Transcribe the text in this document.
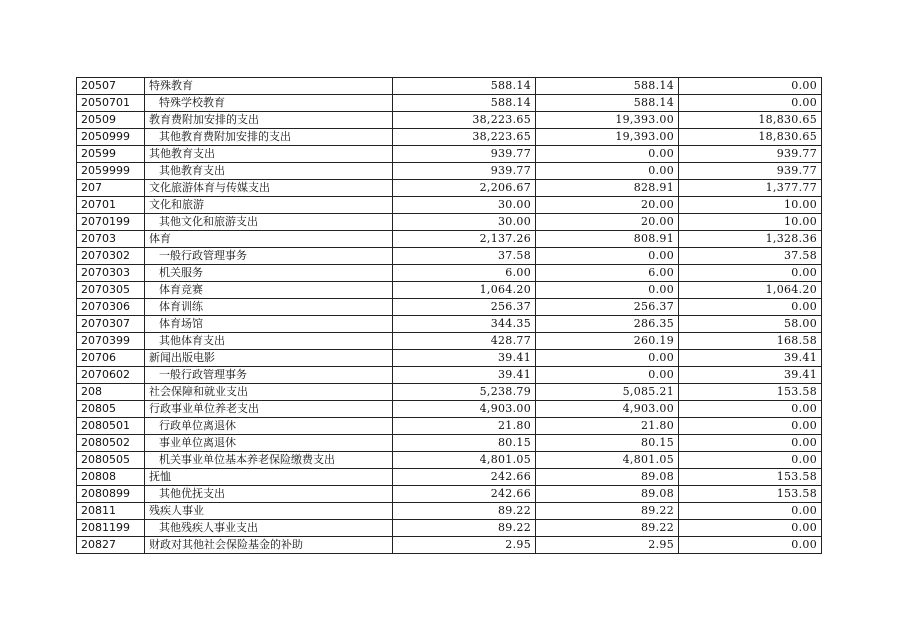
20507	特殊教育	588.14	588.14	0.00
2050701	特殊学校教育	588.14	588.14	0.00
20509	教育费附加安排的支出	38,223.65	19,393.00	18,830.65
2050999	其他教育费附加安排的支出	38,223.65	19,393.00	18,830.65
20599	其他教育支出	939.77	0.00	939.77
2059999	其他教育支出	939.77	0.00	939.77
207	文化旅游体育与传媒支出	2,206.67	828.91	1,377.77
20701	文化和旅游	30.00	20.00	10.00
2070199	其他文化和旅游支出	30.00	20.00	10.00
20703	体育	2,137.26	808.91	1,328.36
2070302	一般行政管理事务	37.58	0.00	37.58
2070303	机关服务	6.00	6.00	0.00
2070305	体育竞赛	1,064.20	0.00	1,064.20
2070306	体育训练	256.37	256.37	0.00
2070307	体育场馆	344.35	286.35	58.00
2070399	其他体育支出	428.77	260.19	168.58
20706	新闻出版电影	39.41	0.00	39.41
2070602	一般行政管理事务	39.41	0.00	39.41
208	社会保障和就业支出	5,238.79	5,085.21	153.58
20805	行政事业单位养老支出	4,903.00	4,903.00	0.00
2080501	行政单位离退休	21.80	21.80	0.00
2080502	事业单位离退休	80.15	80.15	0.00
2080505	机关事业单位基本养老保险缴费支出	4,801.05	4,801.05	0.00
20808	抚恤	242.66	89.08	153.58
2080899	其他优抚支出	242.66	89.08	153.58
20811	残疾人事业	89.22	89.22	0.00
2081199	其他残疾人事业支出	89.22	89.22	0.00
20827	财政对其他社会保险基金的补助	2.95	2.95	0.00
